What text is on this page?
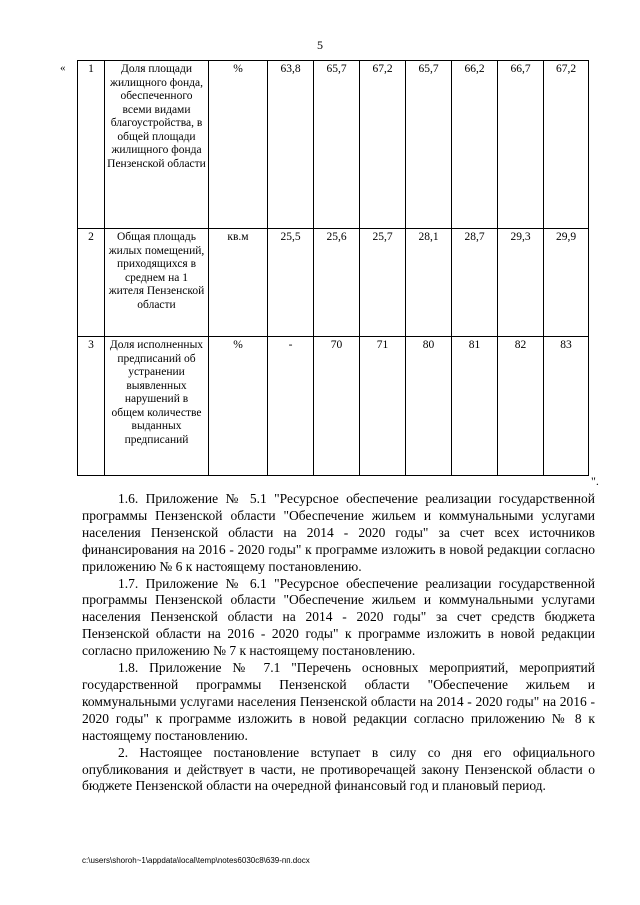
5
« 1	Доля площади жилищного фонда, обеспеченного всеми видами благоустройства, в общей площади жилищного фонда Пензенской области	%	63,8	65,7	67,2	65,7	66,2	66,7	67,2
2	Общая площадь жилых помещений, приходящихся в среднем на 1 жителя Пензенской области	кв.м	25,5	25,6	25,7	28,1	28,7	29,3	29,9
3	Доля исполненных предписаний об устранении выявленных нарушений в общем количестве выданных предписаний	%	-	70	71	80	81	82	83
".

1.6. Приложение № 5.1 "Ресурсное обеспечение реализации государственной программы Пензенской области "Обеспечение жильем и коммунальными услугами населения Пензенской области на 2014 - 2020 годы" за счет всех источников финансирования на 2016 - 2020 годы" к программе изложить в новой редакции согласно приложению № 6 к настоящему постановлению.

1.7. Приложение № 6.1 "Ресурсное обеспечение реализации государственной программы Пензенской области "Обеспечение жильем и коммунальными услугами населения Пензенской области на 2014 - 2020 годы" за счет средств бюджета Пензенской области на 2016 - 2020 годы" к программе изложить в новой редакции согласно приложению № 7 к настоящему постановлению.

1.8. Приложение № 7.1 "Перечень основных мероприятий, мероприятий государственной программы Пензенской области "Обеспечение жильем и коммунальными услугами населения Пензенской области на 2014 - 2020 годы" на 2016 - 2020 годы" к программе изложить в новой редакции согласно приложению № 8 к настоящему постановлению.

2. Настоящее постановление вступает в силу со дня его официального опубликования и действует в части, не противоречащей закону Пензенской области о бюджете Пензенской области на очередной финансовый год и плановый период.

c:\users\shoroh~1\appdata\local\temp\notes6030c8\639-пп.docx
